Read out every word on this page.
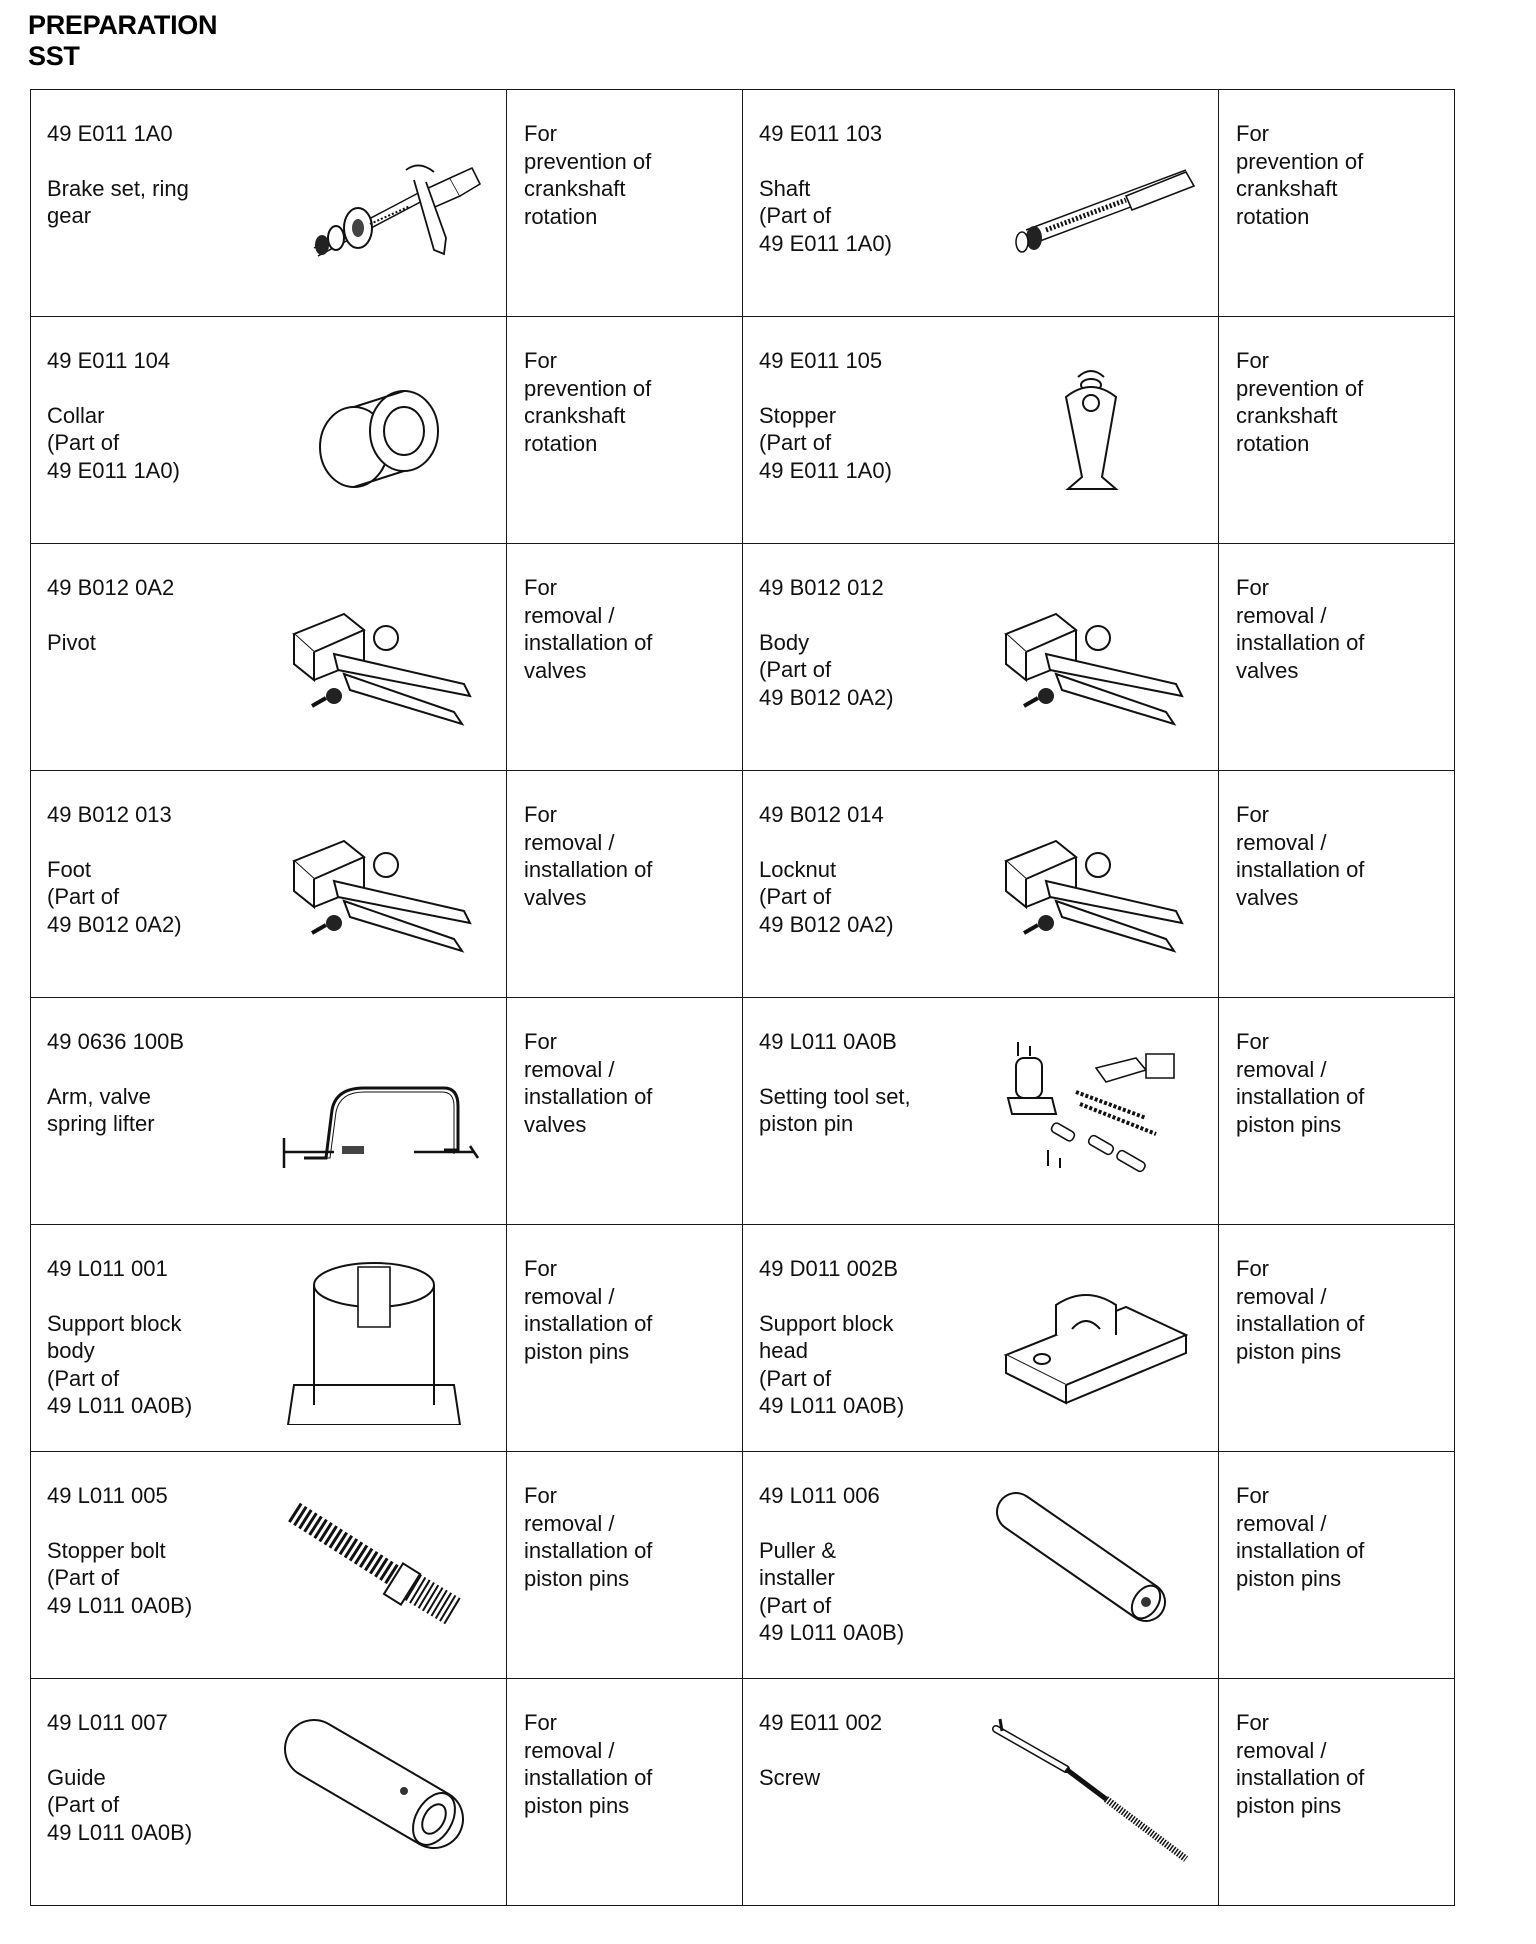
PREPARATION
SST
49 E011 1A0
Brake set, ring
gear	For
prevention of
crankshaft
rotation	49 E011 103
Shaft
(Part of
49 E011 1A0)	For
prevention of
crankshaft
rotation

49 E011 104
Collar
(Part of
49 E011 1A0)	For
prevention of
crankshaft
rotation	49 E011 105
Stopper
(Part of
49 E011 1A0)	For
prevention of
crankshaft
rotation

49 B012 0A2
Pivot	For
removal /
installation of
valves	49 B012 012
Body
(Part of
49 B012 0A2)	For
removal /
installation of
valves

49 B012 013
Foot
(Part of
49 B012 0A2)	For
removal /
installation of
valves	49 B012 014
Locknut
(Part of
49 B012 0A2)	For
removal /
installation of
valves

49 0636 100B
Arm, valve
spring lifter	For
removal /
installation of
valves	49 L011 0A0B
Setting tool set,
piston pin	For
removal /
installation of
piston pins

49 L011 001
Support block
body
(Part of
49 L011 0A0B)	For
removal /
installation of
piston pins	49 D011 002B
Support block
head
(Part of
49 L011 0A0B)	For
removal /
installation of
piston pins

49 L011 005
Stopper bolt
(Part of
49 L011 0A0B)	For
removal /
installation of
piston pins	49 L011 006
Puller &
installer
(Part of
49 L011 0A0B)	For
removal /
installation of
piston pins

49 L011 007
Guide
(Part of
49 L011 0A0B)	For
removal /
installation of
piston pins	49 E011 002
Screw	For
removal /
installation of
piston pins
